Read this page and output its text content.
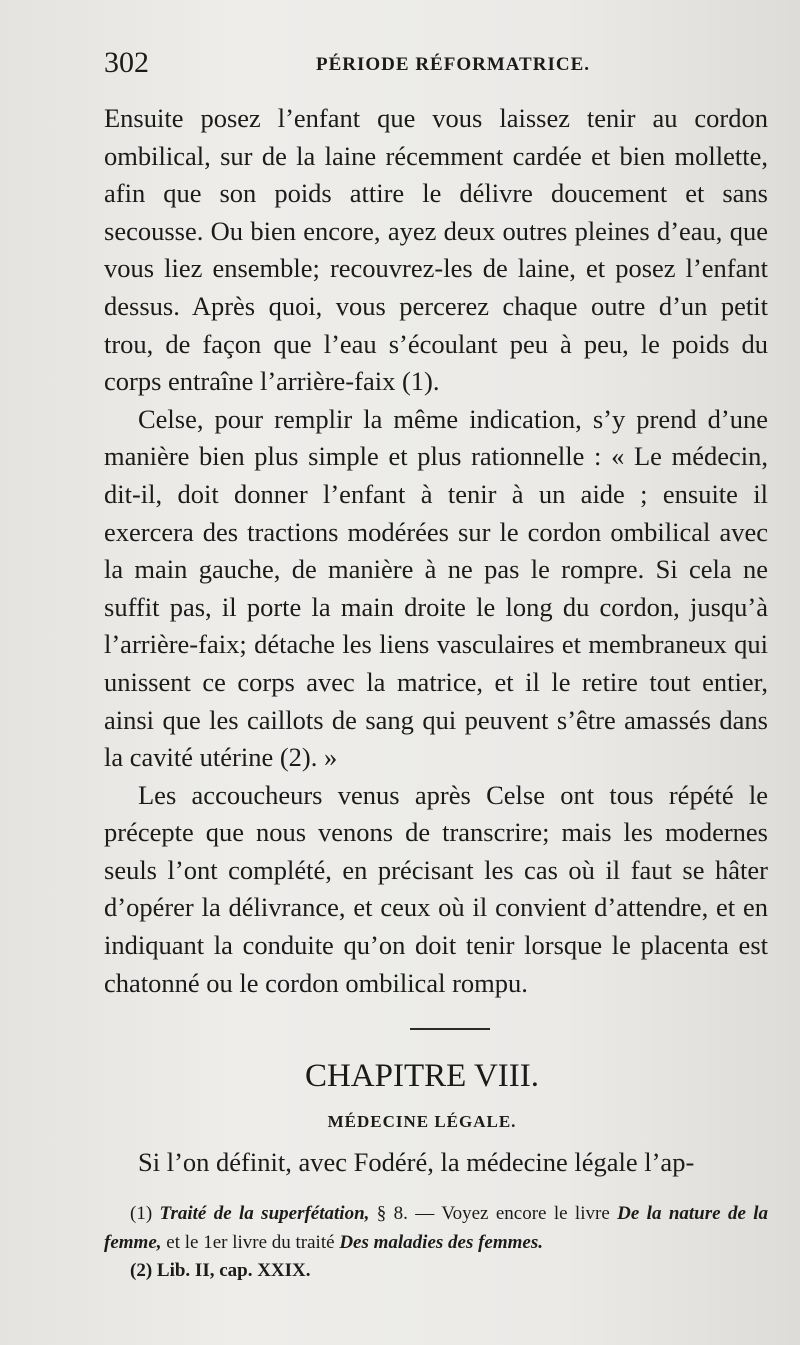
302	PÉRIODE RÉFORMATRICE.

Ensuite posez l’enfant que vous laissez tenir au cordon ombilical, sur de la laine récemment cardée et bien mollette, afin que son poids attire le délivre doucement et sans secousse. Ou bien encore, ayez deux outres pleines d’eau, que vous liez ensemble; recouvrez-les de laine, et posez l’enfant dessus. Après quoi, vous percerez chaque outre d’un petit trou, de façon que l’eau s’écoulant peu à peu, le poids du corps entraîne l’arrière-faix (1).

Celse, pour remplir la même indication, s’y prend d’une manière bien plus simple et plus rationnelle : « Le médecin, dit-il, doit donner l’enfant à tenir à un aide ; ensuite il exercera des tractions modérées sur le cordon ombilical avec la main gauche, de manière à ne pas le rompre. Si cela ne suffit pas, il porte la main droite le long du cordon, jusqu’à l’arrière-faix; détache les liens vasculaires et membraneux qui unissent ce corps avec la matrice, et il le retire tout entier, ainsi que les caillots de sang qui peuvent s’être amassés dans la cavité utérine (2). »

Les accoucheurs venus après Celse ont tous répété le précepte que nous venons de transcrire; mais les modernes seuls l’ont complété, en précisant les cas où il faut se hâter d’opérer la délivrance, et ceux où il convient d’attendre, et en indiquant la conduite qu’on doit tenir lorsque le placenta est chatonné ou le cordon ombilical rompu.

CHAPITRE VIII.
MÉDECINE LÉGALE.
Si l’on définit, avec Fodéré, la médecine légale l’ap-

(1) Traité de la superfétation, § 8. — Voyez encore le livre De la nature de la femme, et le 1er livre du traité Des maladies des femmes.

(2) Lib. II, cap. XXIX.
